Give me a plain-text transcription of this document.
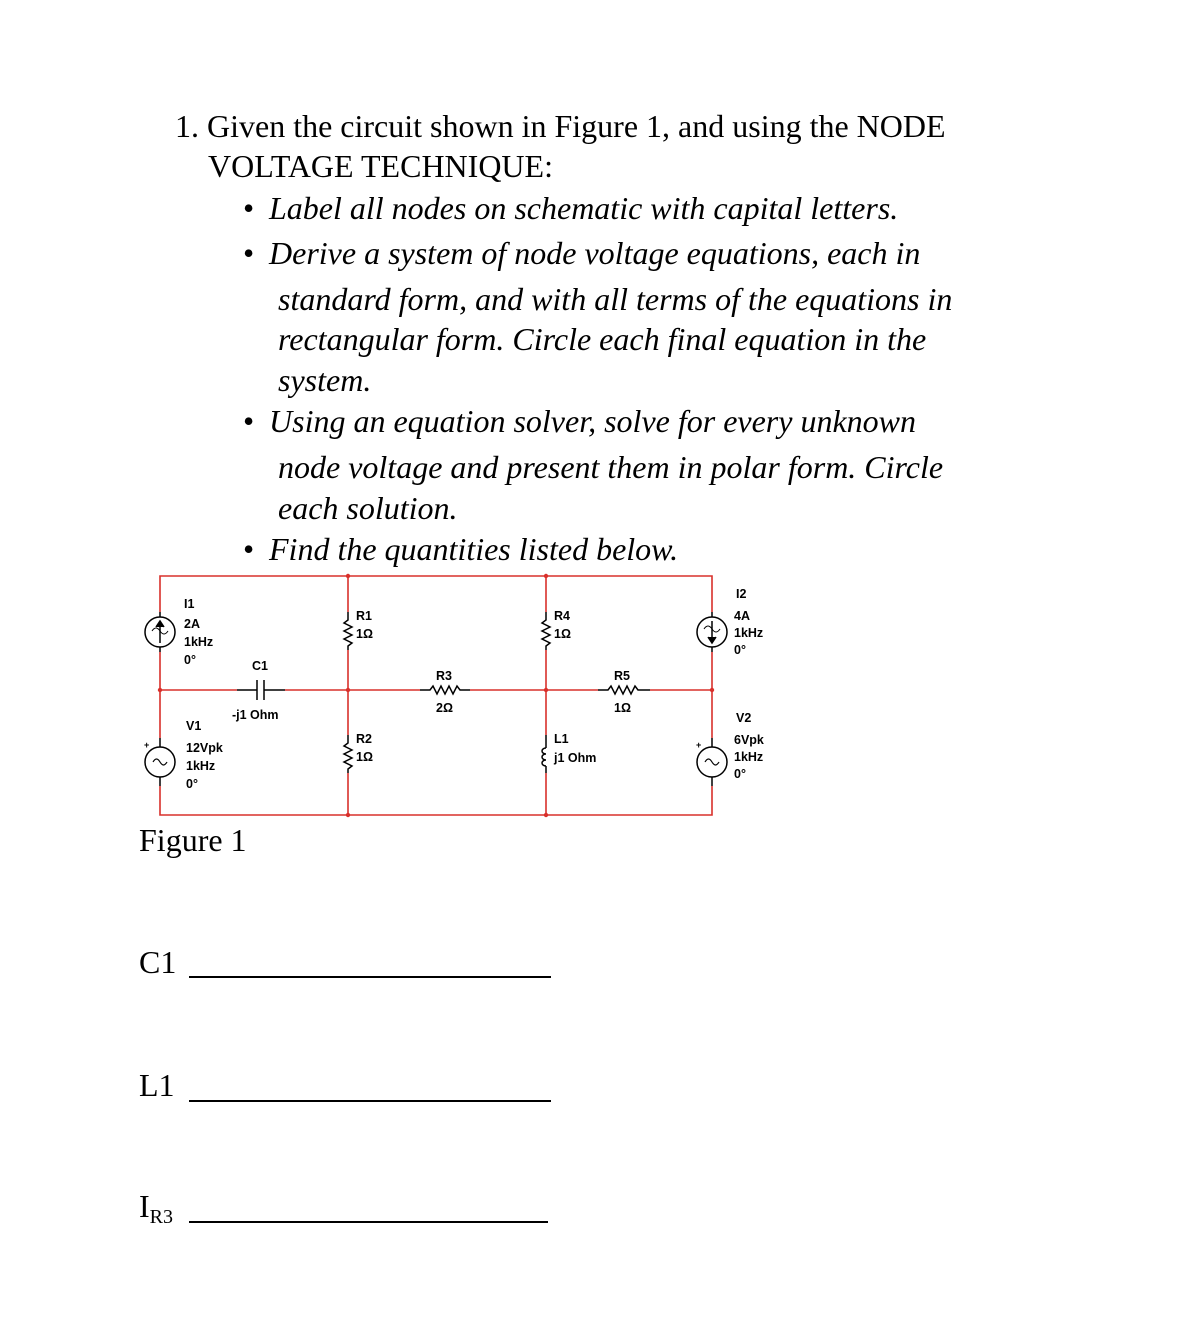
1. Given the circuit shown in Figure 1, and using the NODE
VOLTAGE TECHNIQUE:
• Label all nodes on schematic with capital letters.
• Derive a system of node voltage equations, each in
standard form, and with all terms of the equations in
rectangular form. Circle each final equation in the
system.
• Using an equation solver, solve for every unknown
node voltage and present them in polar form. Circle
each solution.
• Find the quantities listed below.
+	+
I1
2A
1kHz
0°
V1
12Vpk
1kHz
0°
C1
-j1 Ohm
R1
1Ω
R2
1Ω
R3
2Ω
R4
1Ω
R5
1Ω
L1
j1 Ohm
I2
4A
1kHz
0°
V2
6Vpk
1kHz
0°
Figure 1
C1
L1
IR3
